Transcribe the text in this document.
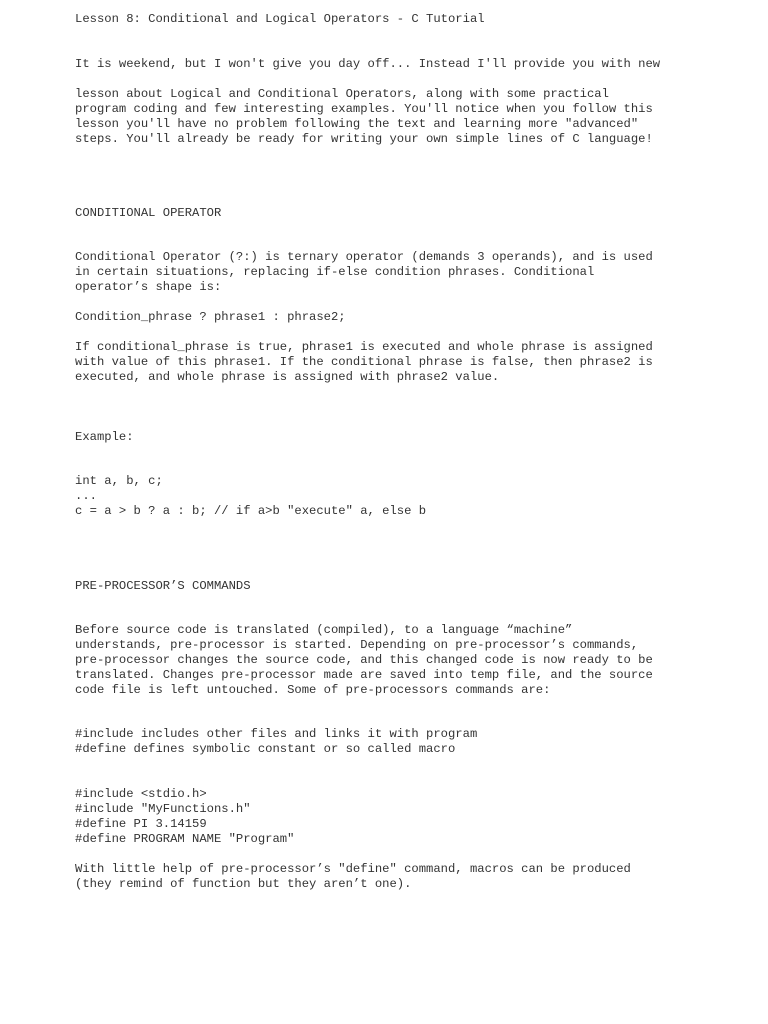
Lesson 8: Conditional and Logical Operators - C Tutorial

It is weekend, but I won't give you day off... Instead I'll provide you with new

lesson about Logical and Conditional Operators, along with some practical

program coding and few interesting examples. You'll notice when you follow this

lesson you'll have no problem following the text and learning more "advanced"

steps. You'll already be ready for writing your own simple lines of C language!

CONDITIONAL OPERATOR

Conditional Operator (?:) is ternary operator (demands 3 operands), and is used

in certain situations, replacing if-else condition phrases. Conditional

operator’s shape is:

Condition_phrase ? phrase1 : phrase2;

If conditional_phrase is true, phrase1 is executed and whole phrase is assigned

with value of this phrase1. If the conditional phrase is false, then phrase2 is

executed, and whole phrase is assigned with phrase2 value.

Example:

int a, b, c;

...

c = a > b ? a : b; // if a>b "execute" a, else b

PRE-PROCESSOR’S COMMANDS

Before source code is translated (compiled), to a language “machine”

understands, pre-processor is started. Depending on pre-processor’s commands,

pre-processor changes the source code, and this changed code is now ready to be

translated. Changes pre-processor made are saved into temp file, and the source

code file is left untouched. Some of pre-processors commands are:

#include includes other files and links it with program

#define defines symbolic constant or so called macro

#include <stdio.h>

#include "MyFunctions.h"

#define PI 3.14159

#define PROGRAM NAME "Program"

With little help of pre-processor’s "define" command, macros can be produced

(they remind of function but they aren’t one).
